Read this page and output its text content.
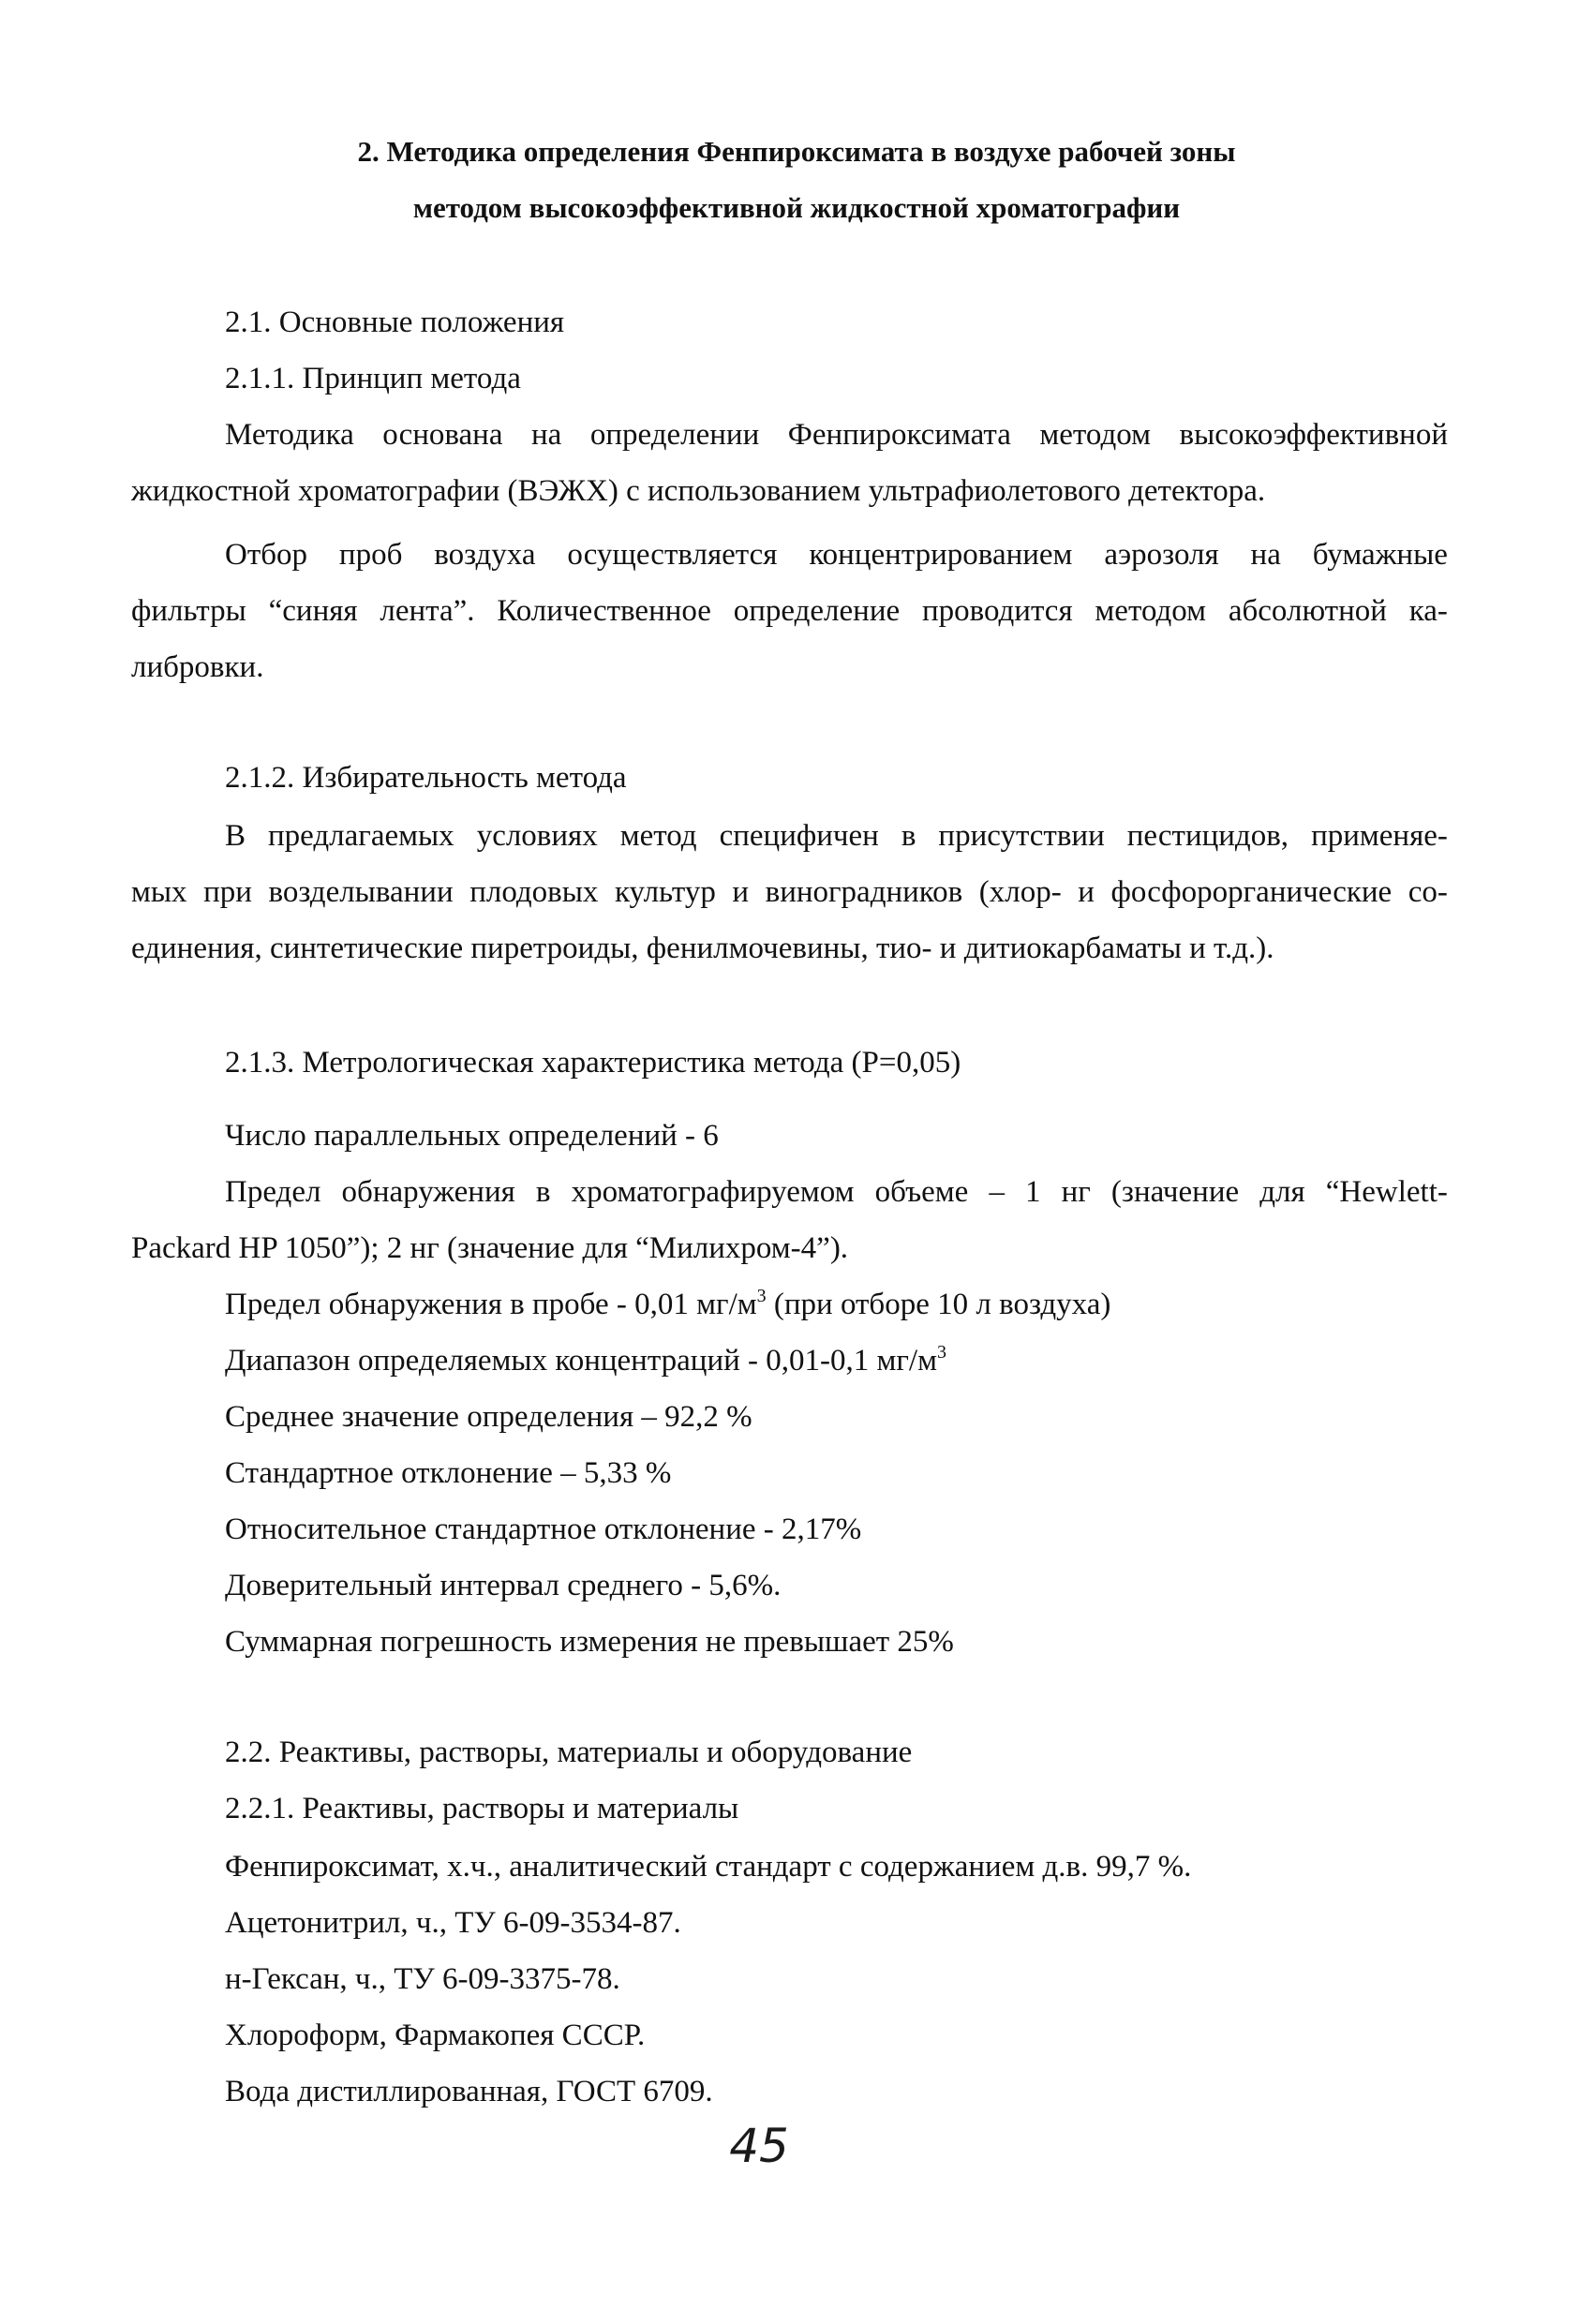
2. Методика определения Фенпироксимата в воздухе рабочей зоны
методом высокоэффективной жидкостной хроматографии
2.1. Основные положения
2.1.1. Принцип метода
Методика основана на определении Фенпироксимата методом высокоэффективной
жидкостной хроматографии (ВЭЖХ) с использованием ультрафиолетового детектора.
Отбор проб воздуха осуществляется концентрированием аэрозоля на бумажные
фильтры “синяя лента”. Количественное определение проводится методом абсолютной ка-
либровки.
2.1.2. Избирательность метода
В предлагаемых условиях метод специфичен в присутствии пестицидов, применяе-
мых при возделывании плодовых культур и виноградников (хлор- и фосфорорганические со-
единения, синтетические пиретроиды, фенилмочевины, тио- и дитиокарбаматы и т.д.).
2.1.3. Метрологическая характеристика метода (Р=0,05)
Число параллельных определений - 6
Предел обнаружения в хроматографируемом объеме – 1 нг (значение для “Hewlett-
Packard HP 1050”); 2 нг (значение для “Милихром-4”).
Предел обнаружения в пробе - 0,01 $мг/м^3$ (при отборе 10 л воздуха)
Диапазон определяемых концентраций - 0,01-0,1 $мг/м^3$
Среднее значение определения – 92,2 %
Стандартное отклонение – 5,33 %
Относительное стандартное отклонение - 2,17%
Доверительный интервал среднего - 5,6%.
Суммарная погрешность измерения не превышает 25%
2.2. Реактивы, растворы, материалы и оборудование
2.2.1. Реактивы, растворы и материалы
Фенпироксимат, х.ч., аналитический стандарт с содержанием д.в. 99,7 %.
Ацетонитрил, ч., ТУ 6-09-3534-87.
н-Гексан, ч., ТУ 6-09-3375-78.
Хлороформ, Фармакопея СССР.
Вода дистиллированная, ГОСТ 6709.
45
